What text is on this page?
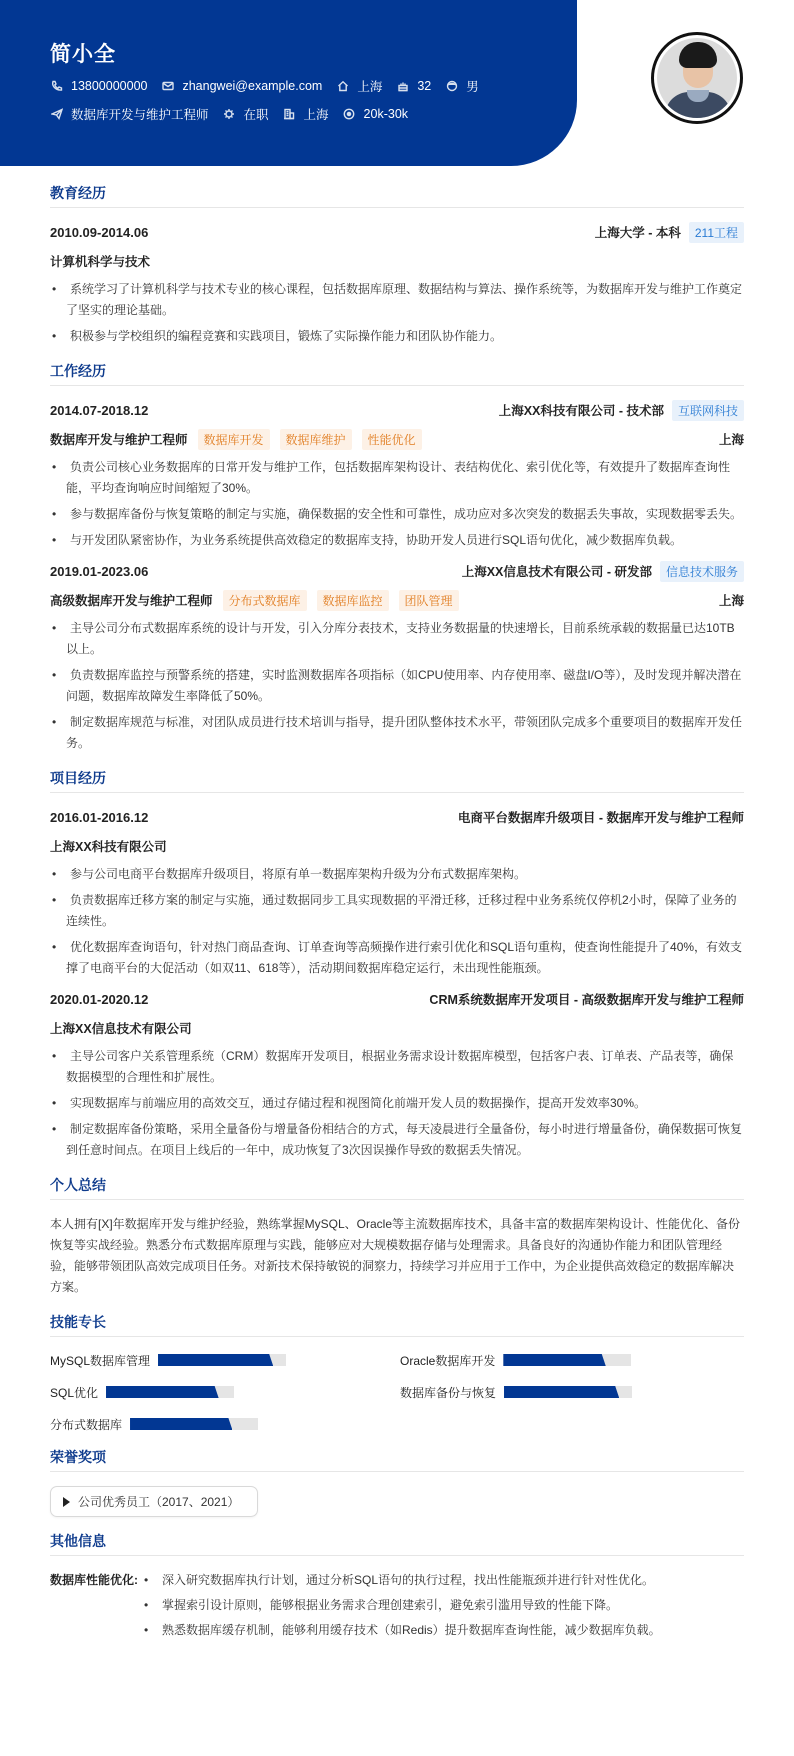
简小全
13800000000	zhangwei@example.com	上海	32	男
数据库开发与维护工程师	在职	上海	20k-30k
教育经历
2010.09-2014.06	上海大学 - 本科	211工程
计算机科学与技术
• 系统学习了计算机科学与技术专业的核心课程，包括数据库原理、数据结构与算法、操作系统等，为数据库开发与维护工作奠定了坚实的理论基础。
• 积极参与学校组织的编程竞赛和实践项目，锻炼了实际操作能力和团队协作能力。
工作经历
2014.07-2018.12	上海XX科技有限公司 - 技术部	互联网科技
数据库开发与维护工程师	数据库开发	数据库维护	性能优化	上海
• 负责公司核心业务数据库的日常开发与维护工作，包括数据库架构设计、表结构优化、索引优化等，有效提升了数据库查询性能，平均查询响应时间缩短了30%。
• 参与数据库备份与恢复策略的制定与实施，确保数据的安全性和可靠性，成功应对多次突发的数据丢失事故，实现数据零丢失。
• 与开发团队紧密协作，为业务系统提供高效稳定的数据库支持，协助开发人员进行SQL语句优化，减少数据库负载。
2019.01-2023.06	上海XX信息技术有限公司 - 研发部	信息技术服务
高级数据库开发与维护工程师	分布式数据库	数据库监控	团队管理	上海
• 主导公司分布式数据库系统的设计与开发，引入分库分表技术，支持业务数据量的快速增长，目前系统承载的数据量已达10TB以上。
• 负责数据库监控与预警系统的搭建，实时监测数据库各项指标（如CPU使用率、内存使用率、磁盘I/O等），及时发现并解决潜在问题，数据库故障发生率降低了50%。
• 制定数据库规范与标准，对团队成员进行技术培训与指导，提升团队整体技术水平，带领团队完成多个重要项目的数据库开发任务。
项目经历
2016.01-2016.12	电商平台数据库升级项目 - 数据库开发与维护工程师
上海XX科技有限公司
• 参与公司电商平台数据库升级项目，将原有单一数据库架构升级为分布式数据库架构。
• 负责数据库迁移方案的制定与实施，通过数据同步工具实现数据的平滑迁移，迁移过程中业务系统仅停机2小时，保障了业务的连续性。
• 优化数据库查询语句，针对热门商品查询、订单查询等高频操作进行索引优化和SQL语句重构，使查询性能提升了40%，有效支撑了电商平台的大促活动（如双11、618等），活动期间数据库稳定运行，未出现性能瓶颈。
2020.01-2020.12	CRM系统数据库开发项目 - 高级数据库开发与维护工程师
上海XX信息技术有限公司
• 主导公司客户关系管理系统（CRM）数据库开发项目，根据业务需求设计数据库模型，包括客户表、订单表、产品表等，确保数据模型的合理性和扩展性。
• 实现数据库与前端应用的高效交互，通过存储过程和视图简化前端开发人员的数据操作，提高开发效率30%。
• 制定数据库备份策略，采用全量备份与增量备份相结合的方式，每天凌晨进行全量备份，每小时进行增量备份，确保数据可恢复到任意时间点。在项目上线后的一年中，成功恢复了3次因误操作导致的数据丢失情况。
个人总结

本人拥有[X]年数据库开发与维护经验，熟练掌握MySQL、Oracle等主流数据库技术，具备丰富的数据库架构设计、性能优化、备份恢复等实战经验。熟悉分布式数据库原理与实践，能够应对大规模数据存储与处理需求。具备良好的沟通协作能力和团队管理经验，能够带领团队高效完成项目任务。对新技术保持敏锐的洞察力，持续学习并应用于工作中，为企业提供高效稳定的数据库解决方案。

技能专长
MySQL数据库管理	Oracle数据库开发
SQL优化	数据库备份与恢复
分布式数据库
荣誉奖项
公司优秀员工（2017、2021）
其他信息
数据库性能优化:	• 深入研究数据库执行计划，通过分析SQL语句的执行过程，找出性能瓶颈并进行针对性优化。
• 掌握索引设计原则，能够根据业务需求合理创建索引，避免索引滥用导致的性能下降。
• 熟悉数据库缓存机制，能够利用缓存技术（如Redis）提升数据库查询性能，减少数据库负载。
